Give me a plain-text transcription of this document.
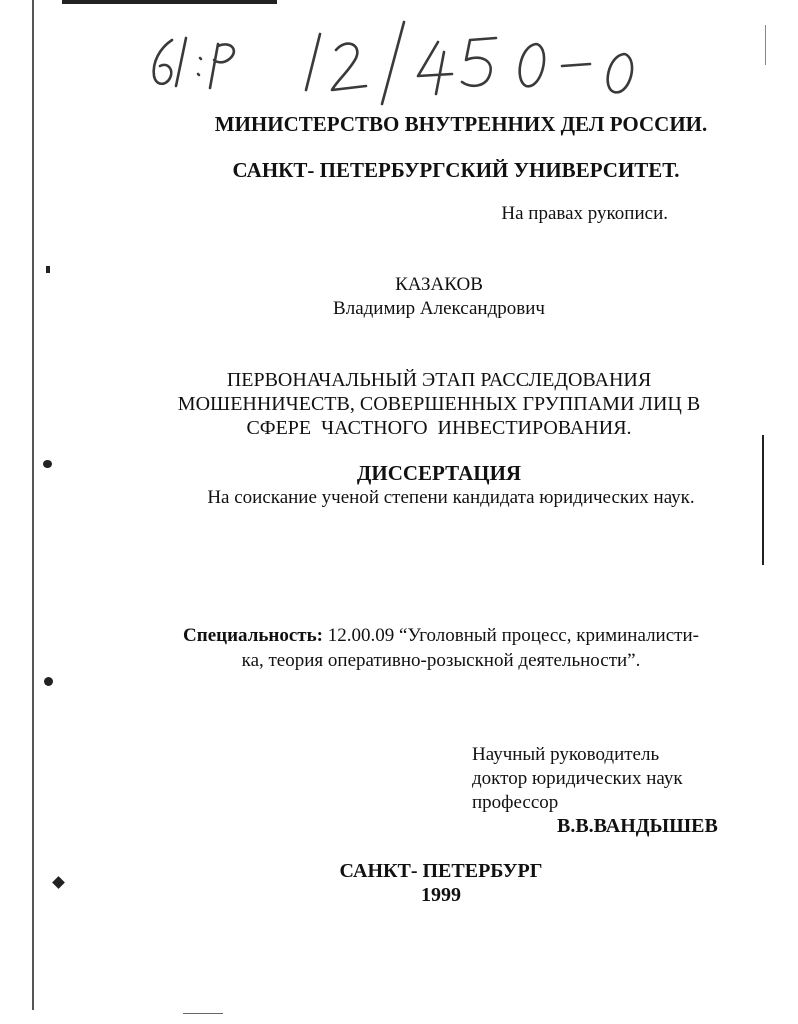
МИНИСТЕРСТВО ВНУТРЕННИХ ДЕЛ РОССИИ.
САНКТ- ПЕТЕРБУРГСКИЙ УНИВЕРСИТЕТ.
На правах рукописи.
КАЗАКОВ
Владимир Александрович
ПЕРВОНАЧАЛЬНЫЙ ЭТАП РАССЛЕДОВАНИЯ
МОШЕННИЧЕСТВ, СОВЕРШЕННЫХ ГРУППАМИ ЛИЦ В
СФЕРЕ  ЧАСТНОГО  ИНВЕСТИРОВАНИЯ.
ДИССЕРТАЦИЯ
На соискание ученой степени кандидата юридических наук.
Специальность: 12.00.09 “Уголовный процесс, криминалисти-
ка, теория оперативно-розыскной деятельности”.
Научный руководитель
доктор юридических наук
профессор
В.В.ВАНДЫШЕВ
САНКТ- ПЕТЕРБУРГ
1999
